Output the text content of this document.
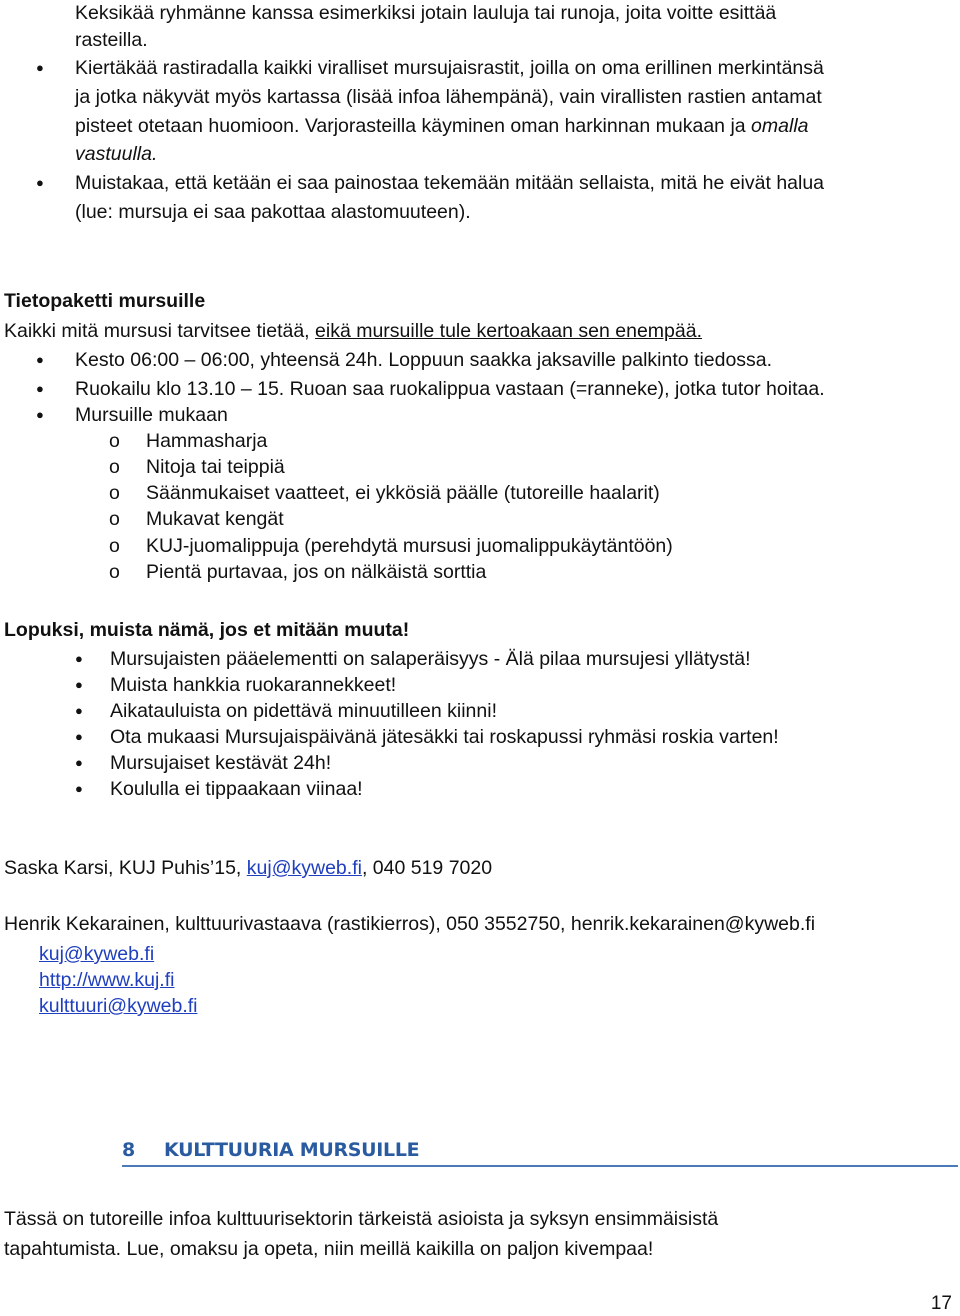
Keksikää ryhmänne kanssa esimerkiksi jotain lauluja tai runoja, joita voitte esittää
rasteilla.
● Kiertäkää rastiradalla kaikki viralliset mursujaisrastit, joilla on oma erillinen merkintänsä
ja jotka näkyvät myös kartassa (lisää infoa lähempänä), vain virallisten rastien antamat
pisteet otetaan huomioon. Varjorasteilla käyminen oman harkinnan mukaan ja omalla
vastuulla.
● Muistakaa, että ketään ei saa painostaa tekemään mitään sellaista, mitä he eivät halua
(lue: mursuja ei saa pakottaa alastomuuteen).
Tietopaketti mursuille
Kaikki mitä mursusi tarvitsee tietää, eikä mursuille tule kertoakaan sen enempää.
● Kesto 06:00 – 06:00, yhteensä 24h. Loppuun saakka jaksaville palkinto tiedossa.
● Ruokailu klo 13.10 – 15. Ruoan saa ruokalippua vastaan (=ranneke), jotka tutor hoitaa.
● Mursuille mukaan
o Hammasharja
o Nitoja tai teippiä
o Säänmukaiset vaatteet, ei ykkösiä päälle (tutoreille haalarit)
o Mukavat kengät
o KUJ-juomalippuja (perehdytä mursusi juomalippukäytäntöön)
o Pientä purtavaa, jos on nälkäistä sorttia
Lopuksi, muista nämä, jos et mitään muuta!
● Mursujaisten pääelementti on salaperäisyys - Älä pilaa mursujesi yllätystä!
● Muista hankkia ruokarannekkeet!
● Aikatauluista on pidettävä minuutilleen kiinni!
● Ota mukaasi Mursujaispäivänä jätesäkki tai roskapussi ryhmäsi roskia varten!
● Mursujaiset kestävät 24h!
● Koululla ei tippaakaan viinaa!
Saska Karsi, KUJ Puhis’15, kuj@kyweb.fi, 040 519 7020
Henrik Kekarainen, kulttuurivastaava (rastikierros), 050 3552750, henrik.kekarainen@kyweb.fi
kuj@kyweb.fi
http://www.kuj.fi
kulttuuri@kyweb.fi
8 KULTTUURIA MURSUILLE
Tässä on tutoreille infoa kulttuurisektorin tärkeistä asioista ja syksyn ensimmäisistä
tapahtumista. Lue, omaksu ja opeta, niin meillä kaikilla on paljon kivempaa!
17
